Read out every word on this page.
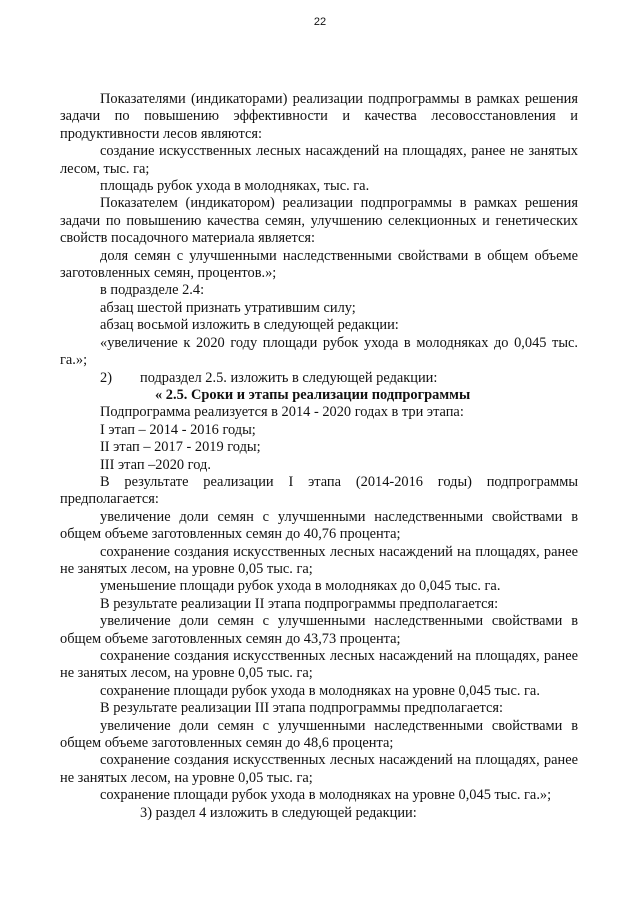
22
Показателями (индикаторами) реализации подпрограммы в рамках решения задачи по повышению эффективности и качества лесовосстановления и продуктивности лесов являются:
создание искусственных лесных насаждений на площадях, ранее не занятых лесом, тыс. га;
площадь рубок ухода в молодняках, тыс. га.
Показателем (индикатором) реализации подпрограммы в рамках решения задачи по повышению качества семян, улучшению селекционных и генетических свойств посадочного материала является:
доля семян с улучшенными наследственными свойствами в общем объеме заготовленных семян, процентов.»;
в подразделе 2.4:
абзац шестой признать утратившим силу;
абзац восьмой изложить в следующей редакции:
«увеличение к 2020 году площади рубок ухода в молодняках до 0,045 тыс. га.»;
2)	подраздел 2.5. изложить в следующей редакции:
« 2.5. Сроки и этапы реализации подпрограммы
Подпрограмма реализуется в 2014 - 2020 годах в три этапа:
I этап – 2014 - 2016 годы;
II этап – 2017 - 2019 годы;
III этап –2020 год.
В результате реализации I этапа (2014-2016 годы) подпрограммы предполагается:
увеличение доли семян с улучшенными наследственными свойствами в общем объеме заготовленных семян до 40,76 процента;
сохранение создания искусственных лесных насаждений на площадях, ранее не занятых лесом, на уровне 0,05 тыс. га;
уменьшение площади рубок ухода в молодняках до 0,045 тыс. га.
В результате реализации II этапа подпрограммы предполагается:
увеличение доли семян с улучшенными наследственными свойствами в общем объеме заготовленных семян до 43,73 процента;
сохранение создания искусственных лесных насаждений на площадях, ранее не занятых лесом, на уровне 0,05 тыс. га;
сохранение площади рубок ухода в молодняках на уровне 0,045 тыс. га.
В результате реализации III этапа подпрограммы предполагается:
увеличение доли семян с улучшенными наследственными свойствами в общем объеме заготовленных семян до 48,6 процента;
сохранение создания искусственных лесных насаждений на площадях, ранее не занятых лесом, на уровне 0,05 тыс. га;
сохранение площади рубок ухода в молодняках на уровне 0,045 тыс. га.»;
3) раздел 4 изложить в следующей редакции:
